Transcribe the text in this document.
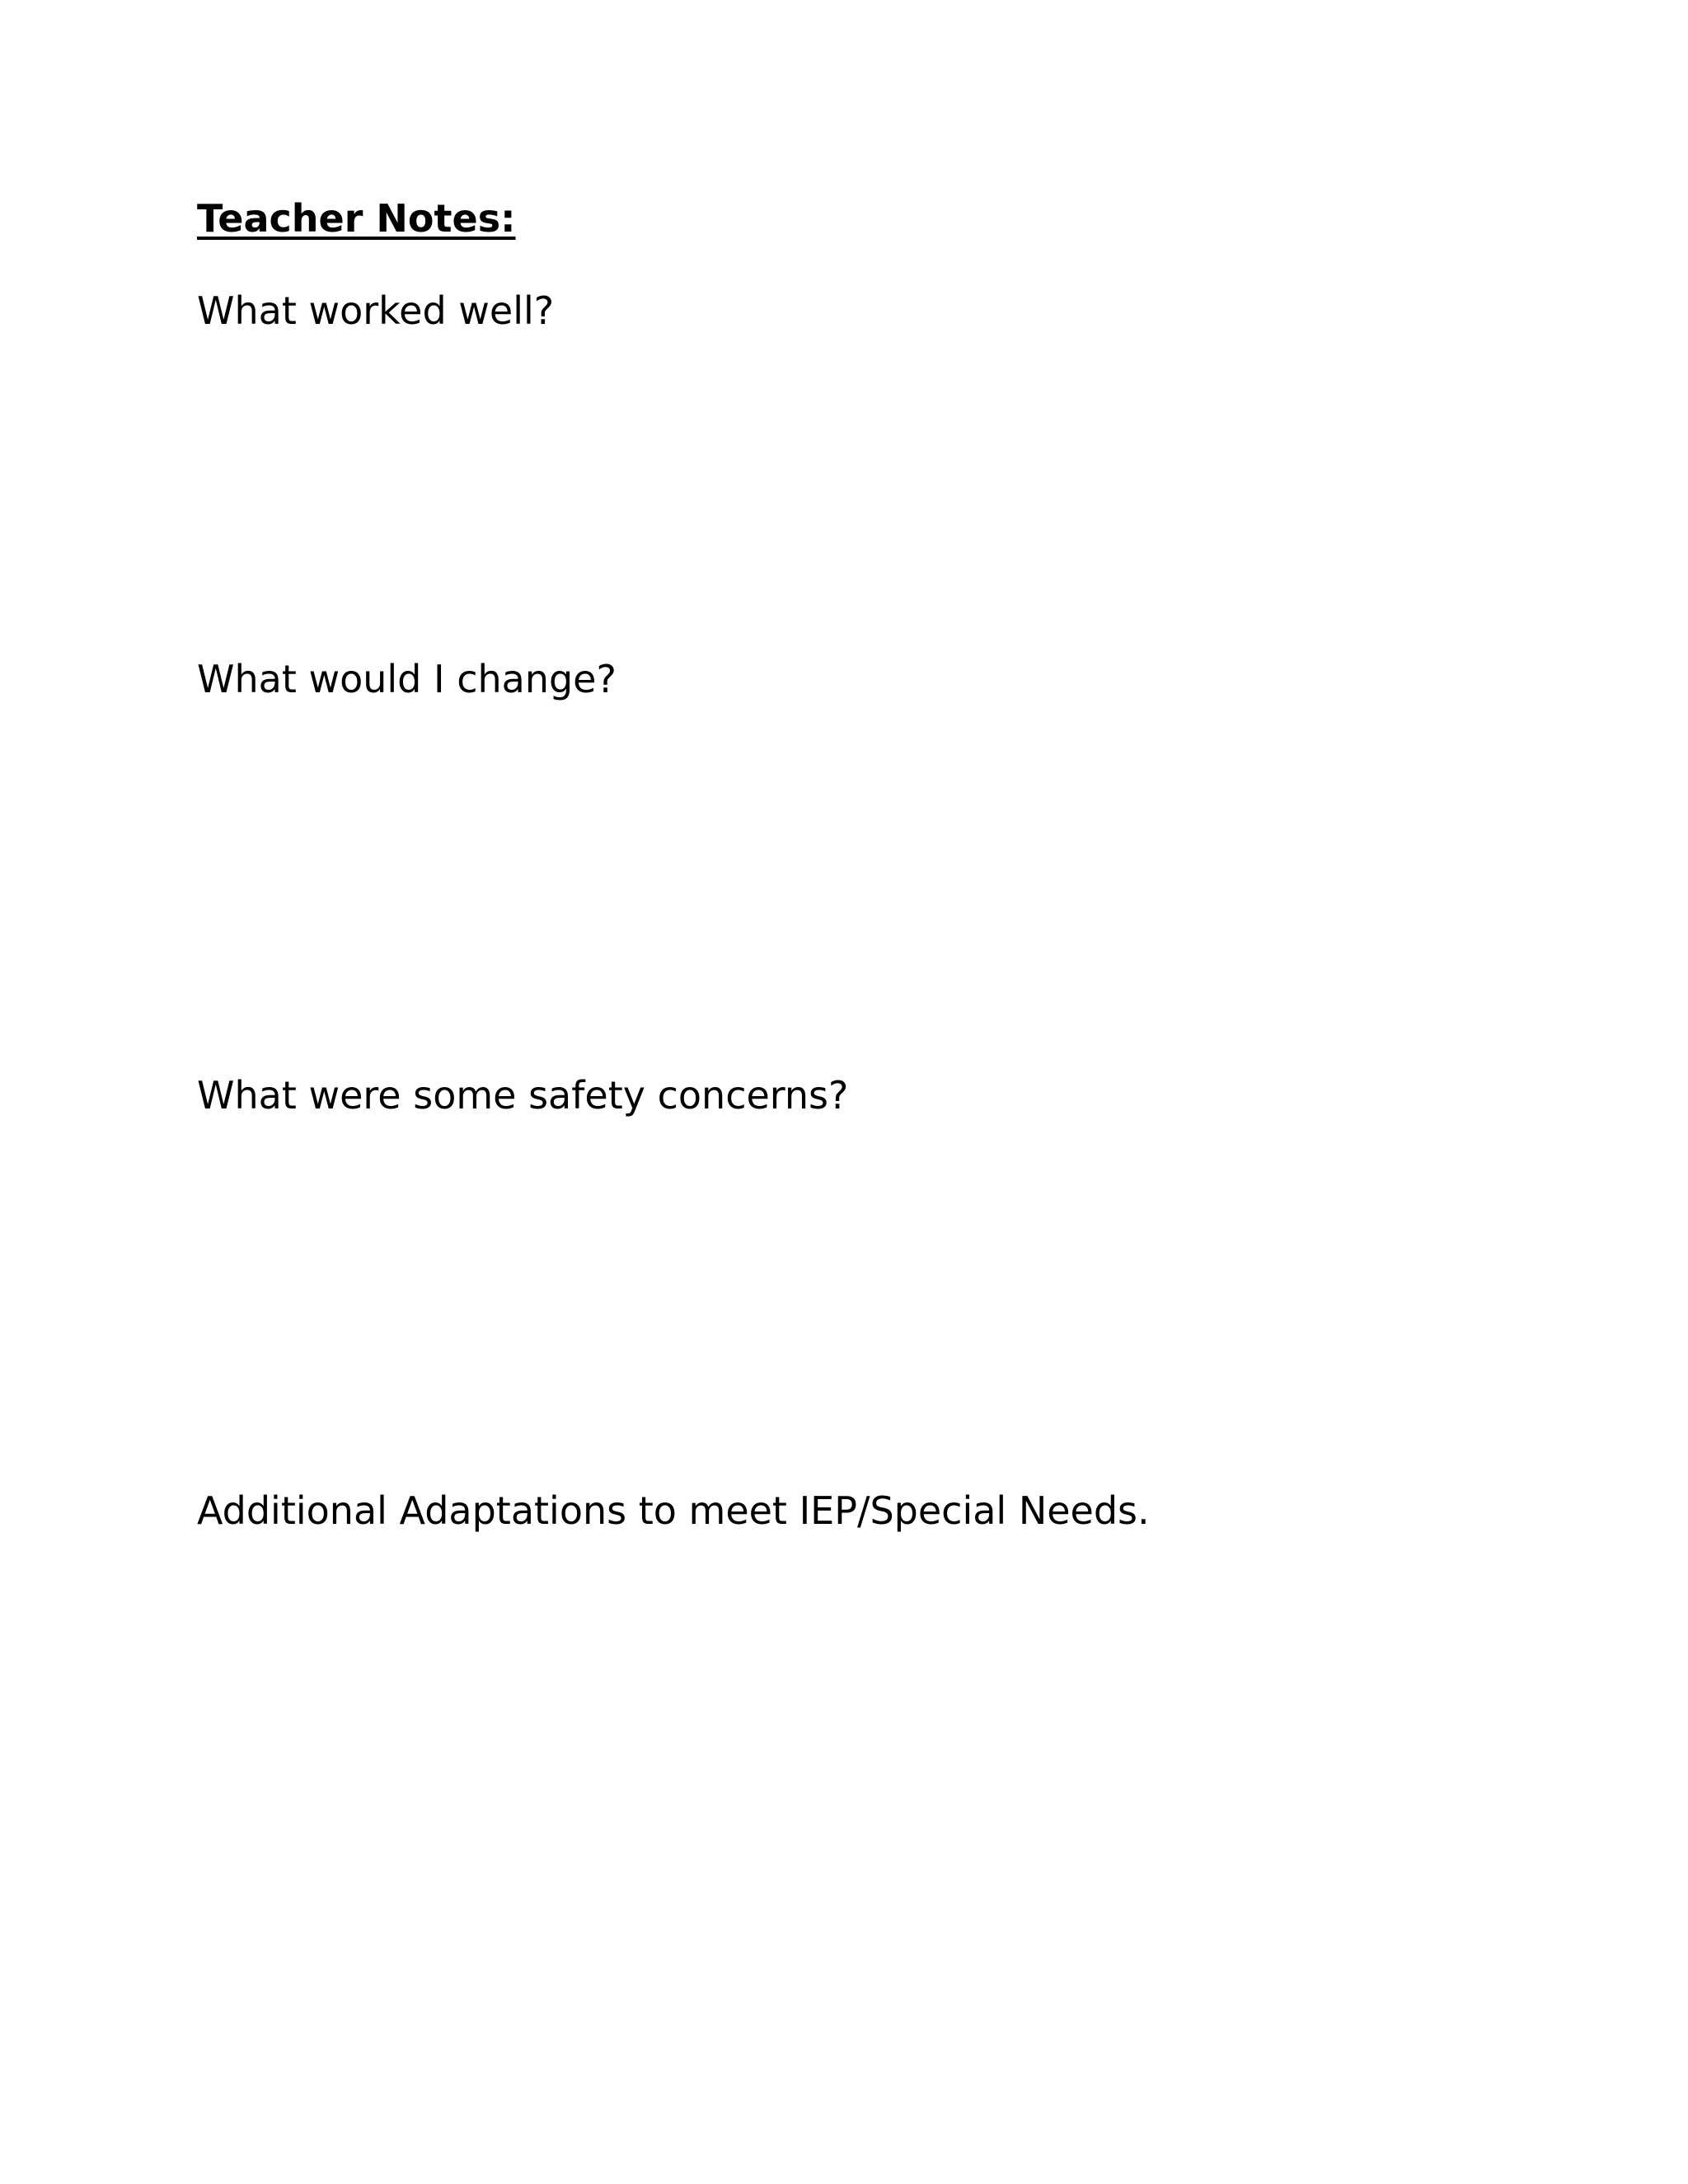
Teacher Notes:

What worked well?

What would I change?

What were some safety concerns?

Additional Adaptations to meet IEP/Special Needs.
